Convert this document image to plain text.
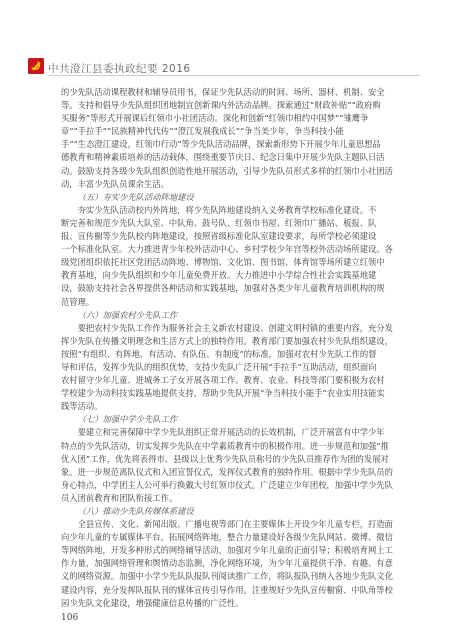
中共澄江县委执政纪要 2016

的少先队活动课程教材和辅导员用书，保证少先队活动的时间、场所、器材、机制、安全

等。支持和倡导少先队组织团地制宜创新课内外活动品牌。探索通过“财政补贴”“政府购

买服务”等形式开展课后红领巾小社团活动。深化和创新“红领巾相约中国梦”“雏鹰争

章”“手拉手”“民族精神代代传”“澄江发展我成长”“争当美少年，争当科技小能

手”“生态澄江建设，红领巾行动”等少先队活动品牌，探索新形势下开展少年儿童思想品

德教育和精神素质培养的活动载体，围绕重要节庆日、纪念日集中开展少先队主题队日活

动。鼓励支持各级少先队组织创造性地开展活动，引导少先队员形式多样的红领巾小社团活

动，丰富少先队员课余生活。

（五）夯实少先队活动阵地建设

夯实少先队活动校内外阵地，将少先队阵地建设纳入义务教育学校标准化建设。不

断完善和规范少先队大队室、中队角、鼓号队、红领巾书屋、红领巾广播站、板报、队

报、宣传橱等少先队校内阵地建设，按照省级标准化队室建设要求，每所学校必须建设

一个标准化队室。大力推进青少年校外活动中心、乡村学校少年宫等校外活动场所建设。各

级党团组织依托社区党团活动阵地、博物馆、文化馆、图书馆、体育馆等场所建立红领中

教育基地，向少先队组织和少年儿童免费开放。大力推进中小学综合性社会实践基地建

设，鼓励支持社会各界提供各种活动和实践基地，加强对各类少年儿童教育培训机构的规

范管理。

（六）加强农村少先队工作

要把农村少先队工作作为服务社会主义新农村建设、创建文明村镇的重要内容，充分发

挥少先队在传播文明理念和生活方式上的独特作用。教育部门要加强农村少先队组织建设，

按照“有组织、有阵地、有活动、有队伍、有制度”的标准，加强对农村少先队工作的督

导和评估，发挥少先队的组织优势，支持少先队广泛开展“手拉手”互助活动，组织面向

农村留守少年儿童、进城务工子女开展各项工作。教育、农业、科技等部门要积极为农村

学校建少为动科技实践基地提供支持，帮助少先队开展“争当科技小能手”农业实用技能实

践等活动。

（七）加强中学少先队工作

要建立和完善保障中学少先队组织正常开展活动的长效机制，广泛开展富有中学少年

特点的少先队活动，切实发挥少先队在中学素质教育中的积极作用。进一步规范和加强“推

优入团”工作，优先将表得市、县级以上优秀少先队员称号的少先队员推荐作为团的发展对

象。进一步规范离队仪式和入团宣誓仪式，发挥仪式教育的独特作用。根据中学少先队员的

身心特点，中学团主人公可举行换戴大号红领巾仪式。广泛建立少年团校，加强中学少先队

员入团前教育和团队衔接工作。

（八）推动少先队传媒体系建设

全县宣传、文化、新闻出版、广播电视等部门在主要媒体上开设少年儿童专栏，打造面

向少年儿童的专属媒体平台，拓展网络阵地，整合力量建设好各级少先队网站、微博、微信

等网络阵地，开发多种形式的网络辅导活动，加强对少年儿童的正面引导；积极培育网上工

作力量，加强网络管理和舆情动态监测，净化网络环境，为少年儿童提供干净、有趣、有意

义的网络资源。加强中小学少先队队报队刊阅读推广工作，将队报队刊纳入各地少先队文化

建设内容，充分发挥队报队刊的媒体宣传引导作用。注重规好少先队宣传橱窗、中队角等校

园少先队文化建设，增强健康信息传播的广泛性。

106
